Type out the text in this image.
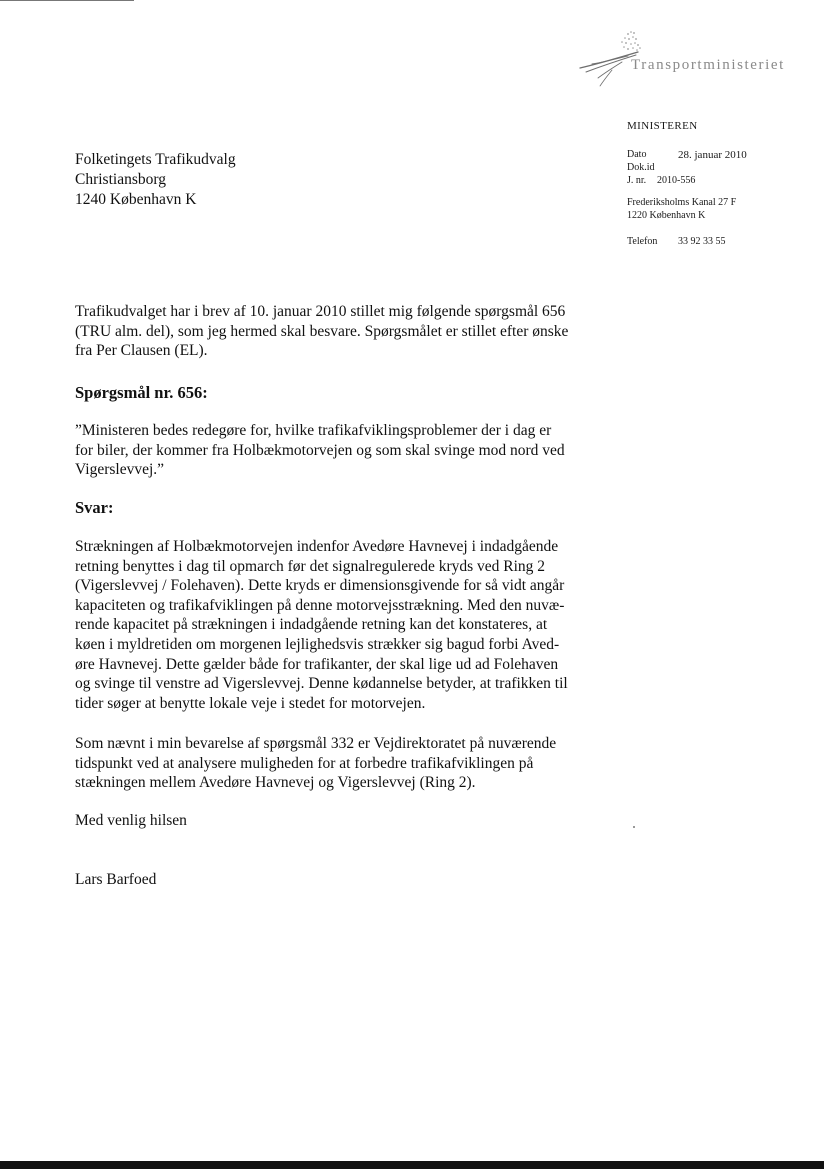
Transportministeriet
MINISTEREN
Dato	28. januar 2010
Dok.id
J. nr. 2010-556
Frederiksholms Kanal 27 F
1220 København K
Telefon 33 92 33 55
Folketingets Trafikudvalg
Christiansborg
1240 København K
Trafikudvalget har i brev af 10. januar 2010 stillet mig følgende spørgsmål 656
(TRU alm. del), som jeg hermed skal besvare. Spørgsmålet er stillet efter ønske
fra Per Clausen (EL).
Spørgsmål nr. 656:
”Ministeren bedes redegøre for, hvilke trafikafviklingsproblemer der i dag er
for biler, der kommer fra Holbækmotorvejen og som skal svinge mod nord ved
Vigerslevvej.”
Svar:
Strækningen af Holbækmotorvejen indenfor Avedøre Havnevej i indadgående
retning benyttes i dag til opmarch før det signalregulerede kryds ved Ring 2
(Vigerslevvej / Folehaven). Dette kryds er dimensionsgivende for så vidt angår
kapaciteten og trafikafviklingen på denne motorvejsstrækning. Med den nuvæ-
rende kapacitet på strækningen i indadgående retning kan det konstateres, at
køen i myldretiden om morgenen lejlighedsvis strækker sig bagud forbi Aved-
øre Havnevej. Dette gælder både for trafikanter, der skal lige ud ad Folehaven
og svinge til venstre ad Vigerslevvej. Denne kødannelse betyder, at trafikken til
tider søger at benytte lokale veje i stedet for motorvejen.
Som nævnt i min bevarelse af spørgsmål 332 er Vejdirektoratet på nuværende
tidspunkt ved at analysere muligheden for at forbedre trafikafviklingen på
stækningen mellem Avedøre Havnevej og Vigerslevvej (Ring 2).
Med venlig hilsen
Lars Barfoed
